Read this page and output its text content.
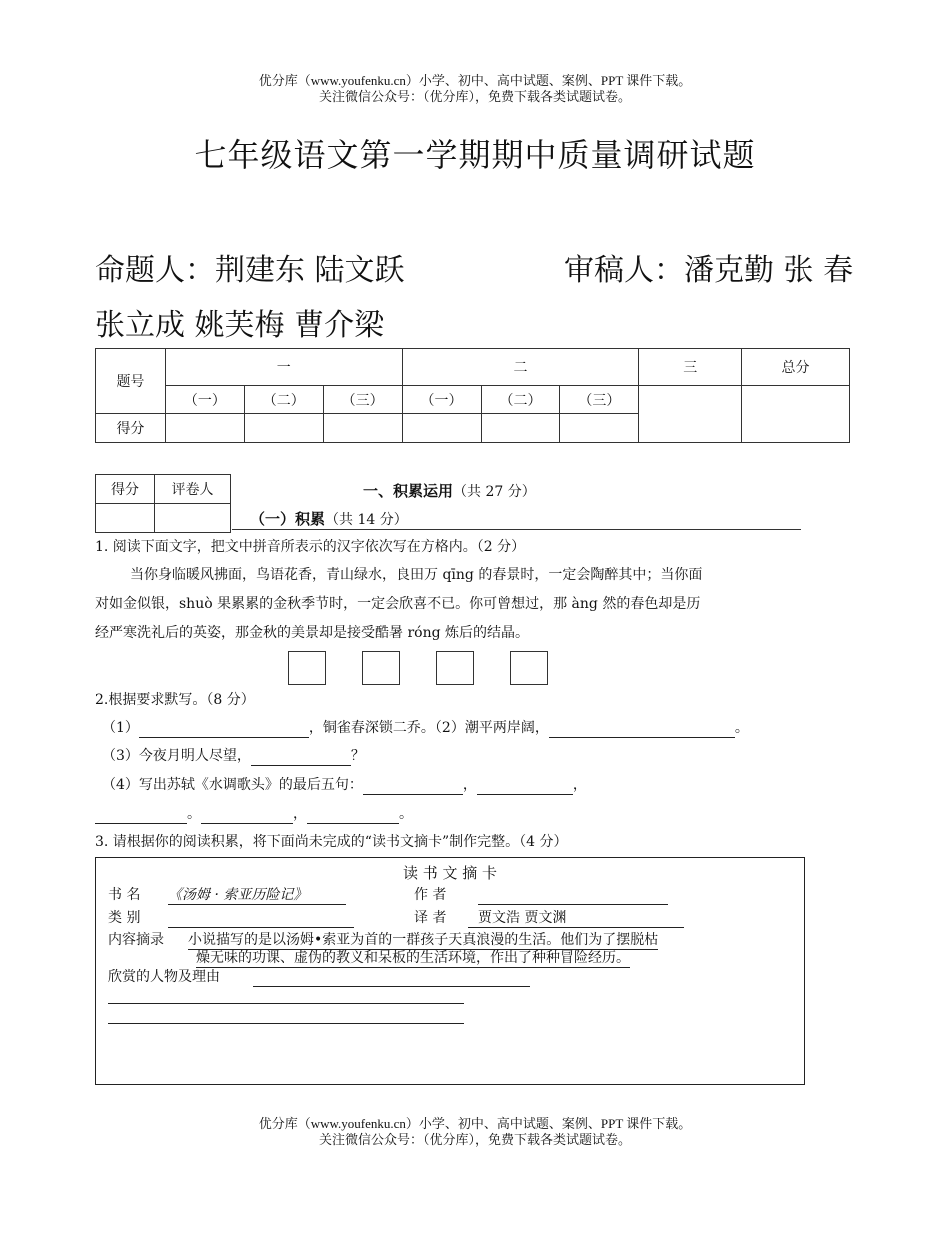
优分库（www.youfenku.cn）小学、初中、高中试题、案例、PPT 课件下载。
关注微信公众号：（优分库），免费下载各类试题试卷。
七年级语文第一学期期中质量调研试题
命题人：荆建东 陆文跃	审稿人：潘克勤 张 春
张立成 姚芙梅 曹介梁
题号	一			二			三	总分
	（一）	（二）	（三）	（一）	（二）	（三）		
得分								
得分	评卷人
		一、积累运用（共 27 分）
（一）积累（共 14 分）
1. 阅读下面文字，把文中拼音所表示的汉字依次写在方格内。（2 分）
当你身临暖风拂面，鸟语花香，青山绿水，良田万 qīng 的春景时，一定会陶醉其中；当你面
对如金似银，shuò 果累累的金秋季节时，一定会欣喜不已。你可曾想过，那 àng 然的春色却是历
经严寒洗礼后的英姿，那金秋的美景却是接受酷暑 róng 炼后的结晶。
2.根据要求默写。（8 分）
（1）	，铜雀春深锁二乔。（2）潮平两岸阔，	。
（3）今夜月明人尽望，	？
（4）写出苏轼《水调歌头》的最后五句：	，	，
。	，	。
3. 请根据你的阅读积累，将下面尚未完成的“读书文摘卡”制作完整。（4 分）
读 书 文 摘 卡
书 名 《汤姆 · 索亚历险记》	作 者
类 别	译 者	贾文浩 贾文渊
内容摘录 小说描写的是以汤姆•索亚为首的一群孩子天真浪漫的生活。他们为了摆脱枯
燥无味的功课、虚伪的教义和呆板的生活环境，作出了种种冒险经历。
欣赏的人物及理由
优分库（www.youfenku.cn）小学、初中、高中试题、案例、PPT 课件下载。
关注微信公众号：（优分库），免费下载各类试题试卷。
